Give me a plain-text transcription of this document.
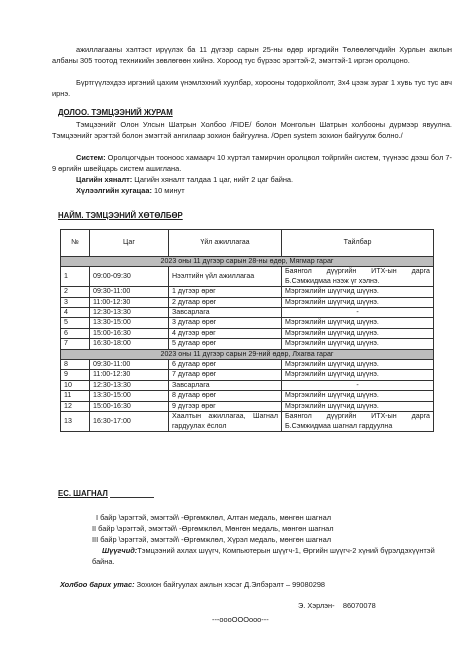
ажиллагааны хэлтэст ирүүлэх ба 11 дүгээр сарын 25-ны өдөр иргэдийн Төлөөлөгчдийн Хурлын ажлын албаны 305 тоотод техникийн зөвлөгөөн хийнэ. Хороод тус бүрээс эрэгтэй-2, эмэгтэй-1 иргэн оролцоно.

Бүртгүүлэхдээ иргэний цахим үнэмлэхний хуулбар, хорооны тодорхойлолт, 3х4 цээж зураг 1 хувь тус тус авч ирнэ.

ДОЛОО. ТЭМЦЭЭНИЙ ЖУРАМ

Тэмцээнийг Олон Улсын Шатрын Холбоо /FIDE/ болон Монголын Шатрын холбооны дүрмээр явуулна. Тэмцээнийг эрэгтэй болон эмэгтэй ангилаар зохион байгуулна. /Open system зохион байгуулж болно./

Систем: Оролцогчдын тооноос хамаарч 10 хүртэл тамирчин оролцвол тойргийн систем, түүнээс дээш бол 7-9 өргийн швейцарь систем ашиглана.

Цагийн хяналт: Цагийн хяналт талдаа 1 цаг, нийт 2 цаг байна.

Хүлээлгийн хугацаа: 10 минут

НАЙМ. ТЭМЦЭЭНИЙ ХӨТӨЛБӨР
№	Цаг	Үйл ажиллагаа	Тайлбар
2023 оны 11 дүгээр сарын 28-ны өдөр, Мягмар гараг			
1	09:00-09:30	Нээлтийн үйл ажиллагаа	Баянгол дүүргийн ИТХ-ын дарга Б.Сэмжидмаа нээж үг хэлнэ.
2	09:30-11:00	1 дүгээр өрөг	Мэргэжлийн шүүгчид шүүнэ.
3	11:00-12:30	2 дугаар өрөг	Мэргэжлийн шүүгчид шүүнэ.
4	12:30-13:30	Завсарлага	-
5	13:30-15:00	3 дугаар өрөг	Мэргэжлийн шүүгчид шүүнэ.
6	15:00-16:30	4 дүгээр өрөг	Мэргэжлийн шүүгчид шүүнэ.
7	16:30-18:00	5 дугаар өрөг	Мэргэжлийн шүүгчид шүүнэ.
2023 оны 11 дүгээр сарын 29-ний өдөр, Лхагва гараг			
8	09:30-11:00	6 дугаар өрөг	Мэргэжлийн шүүгчид шүүнэ.
9	11:00-12:30	7 дугаар өрөг	Мэргэжлийн шүүгчид шүүнэ.
10	12:30-13:30	Завсарлага	-
11	13:30-15:00	8 дугаар өрөг	Мэргэжлийн шүүгчид шүүнэ.
12	15:00-16:30	9 дүгээр өрөг	Мэргэжлийн шүүгчид шүүнэ.
13	16:30-17:00	Хаалтын ажиллагаа, Шагнал гардуулах ёслол	Баянгол дүүргийн ИТХ-ын дарга Б.Сэмжидмаа шагнал гардуулна
ЕС. ШАГНАЛ

I байр \эрэгтэй, эмэгтэй\ -Өргөмжлөл, Алтан медаль, мөнгөн шагнал

II байр \эрэгтэй, эмэгтэй\ -Өргөмжлөл, Мөнгөн медаль, мөнгөн шагнал

III байр \эрэгтэй, эмэгтэй\ -Өргөмжлөл, Хүрэл медаль, мөнгөн шагнал

Шүүгчид:Тэмцээний ахлах шүүгч, Компьютерын шүүгч-1, Өргийн шүүгч-2 хүний бүрэлдэхүүнтэй байна.

Холбоо барих утас: Зохион байгуулах ажлын хэсэг Д.Элбэрэлт – 99080298

Э. Хэрлэн- 86070078

---oooOOOooo---
